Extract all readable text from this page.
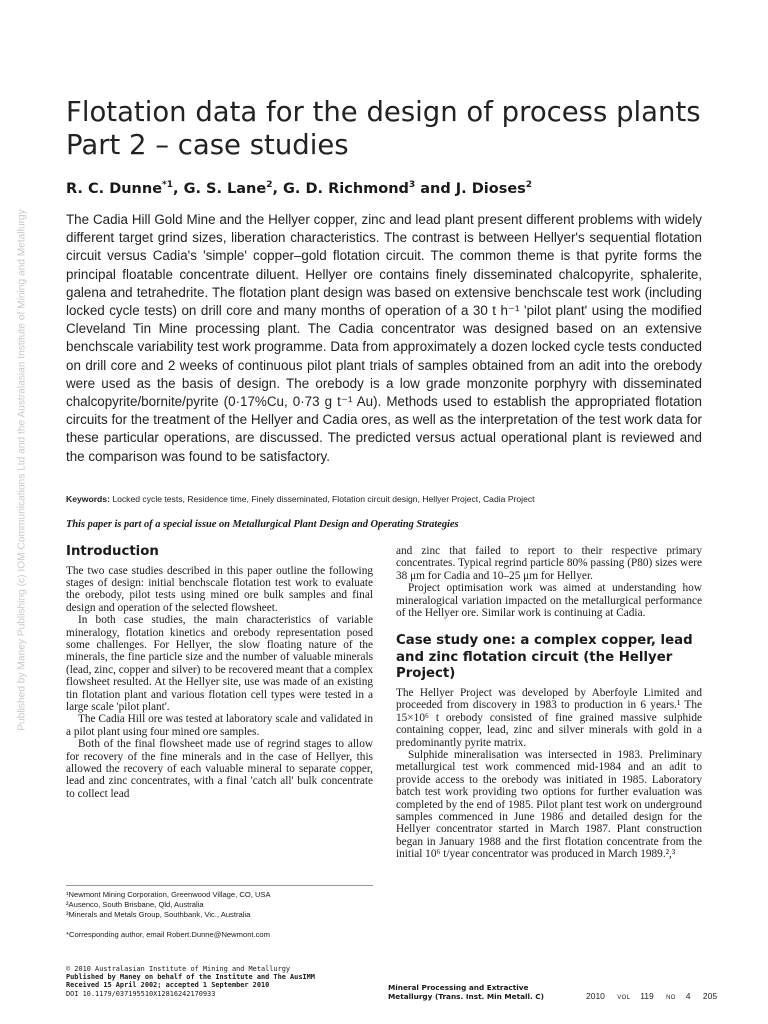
Flotation data for the design of process plants
Part 2 – case studies
R. C. Dunne$^{*1}$, G. S. Lane$^2$, G. D. Richmond$^3$ and J. Dioses$^2$

The Cadia Hill Gold Mine and the Hellyer copper, zinc and lead plant present different problems with widely different target grind sizes, liberation characteristics. The contrast is between Hellyer's sequential flotation circuit versus Cadia's 'simple' copper–gold flotation circuit. The common theme is that pyrite forms the principal floatable concentrate diluent. Hellyer ore contains finely disseminated chalcopyrite, sphalerite, galena and tetrahedrite. The flotation plant design was based on extensive benchscale test work (including locked cycle tests) on drill core and many months of operation of a 30 t h⁻¹ 'pilot plant' using the modified Cleveland Tin Mine processing plant. The Cadia concentrator was designed based on an extensive benchscale variability test work programme. Data from approximately a dozen locked cycle tests conducted on drill core and 2 weeks of continuous pilot plant trials of samples obtained from an adit into the orebody were used as the basis of design. The orebody is a low grade monzonite porphyry with disseminated chalcopyrite/bornite/pyrite (0·17%Cu, 0·73 g t⁻¹ Au). Methods used to establish the appropriated flotation circuits for the treatment of the Hellyer and Cadia ores, as well as the interpretation of the test work data for these particular operations, are discussed. The predicted versus actual operational plant is reviewed and the comparison was found to be satisfactory.

Keywords: Locked cycle tests, Residence time, Finely disseminated, Flotation circuit design, Hellyer Project, Cadia Project
This paper is part of a special issue on Metallurgical Plant Design and Operating Strategies
Introduction

The two case studies described in this paper outline the following stages of design: initial benchscale flotation test work to evaluate the orebody, pilot tests using mined ore bulk samples and final design and operation of the selected flowsheet.

In both case studies, the main characteristics of variable mineralogy, flotation kinetics and orebody representation posed some challenges. For Hellyer, the slow floating nature of the minerals, the fine particle size and the number of valuable minerals (lead, zinc, copper and silver) to be recovered meant that a complex flowsheet resulted. At the Hellyer site, use was made of an existing tin flotation plant and various flotation cell types were tested in a large scale 'pilot plant'.

The Cadia Hill ore was tested at laboratory scale and validated in a pilot plant using four mined ore samples.

Both of the final flowsheet made use of regrind stages to allow for recovery of the fine minerals and in the case of Hellyer, this allowed the recovery of each valuable mineral to separate copper, lead and zinc concentrates, with a final 'catch all' bulk concentrate to collect lead

and zinc that failed to report to their respective primary concentrates. Typical regrind particle 80% passing (P80) sizes were 38 μm for Cadia and 10–25 μm for Hellyer.

Project optimisation work was aimed at understanding how mineralogical variation impacted on the metallurgical performance of the Hellyer ore. Similar work is continuing at Cadia.

Case study one: a complex copper, lead and zinc flotation circuit (the Hellyer Project)

The Hellyer Project was developed by Aberfoyle Limited and proceeded from discovery in 1983 to production in 6 years.¹ The 15×10⁶ t orebody consisted of fine grained massive sulphide containing copper, lead, zinc and silver minerals with gold in a predominantly pyrite matrix.

Sulphide mineralisation was intersected in 1983. Preliminary metallurgical test work commenced mid-1984 and an adit to provide access to the orebody was initiated in 1985. Laboratory batch test work providing two options for further evaluation was completed by the end of 1985. Pilot plant test work on underground samples commenced in June 1986 and detailed design for the Hellyer concentrator started in March 1987. Plant construction began in January 1988 and the first flotation concentrate from the initial 10⁶ t/year concentrator was produced in March 1989.²,³

¹Newmont Mining Corporation, Greenwood Village, CO, USA
²Ausenco, South Brisbane, Qld, Australia
³Minerals and Metals Group, Southbank, Vic., Australia
*Corresponding author, email Robert.Dunne@Newmont.com
© 2010 Australasian Institute of Mining and Metallurgy
Published by Maney on behalf of the Institute and The AusIMM
Received 15 April 2002; accepted 1 September 2010
DOI 10.1179/037195510X12816242170933
Mineral Processing and Extractive
Metallurgy (Trans. Inst. Min Metall. C)	2010 VOL 119 NO 4 205
Published by Maney Publishing (c) IOM Communications Ltd and the Australasian Institute of Mining and Metallurgy
